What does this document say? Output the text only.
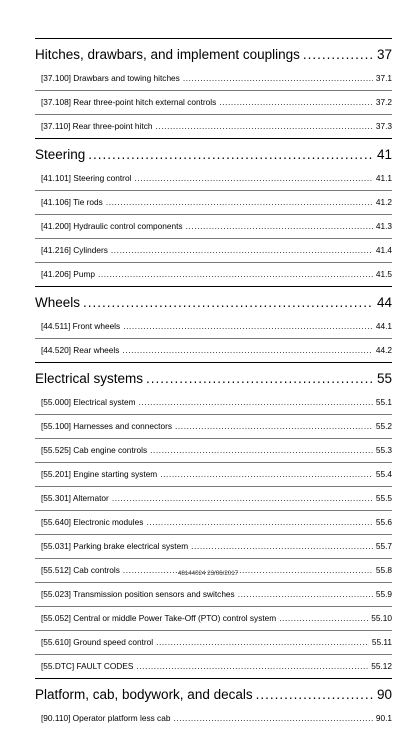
Hitches, drawbars, and implement couplings .....	37
[37.100] Drawbars and towing hitches .....	37.1
[37.108] Rear three-point hitch external controls .....	37.2
[37.110] Rear three-point hitch .....	37.3
Steering .....	41
[41.101] Steering control .....	41.1
[41.106] Tie rods .....	41.2
[41.200] Hydraulic control components .....	41.3
[41.216] Cylinders .....	41.4
[41.206] Pump .....	41.5
Wheels .....	44
[44.511] Front wheels .....	44.1
[44.520] Rear wheels .....	44.2
Electrical systems .....	55
[55.000] Electrical system .....	55.1
[55.100] Harnesses and connectors .....	55.2
[55.525] Cab engine controls .....	55.3
[55.201] Engine starting system .....	55.4
[55.301] Alternator .....	55.5
[55.640] Electronic modules .....	55.6
[55.031] Parking brake electrical system .....	55.7
[55.512] Cab controls .....	55.8
[55.023] Transmission position sensors and switches .....	55.9
[55.052] Central or middle Power Take-Off (PTO) control system .....	55.10
[55.610] Ground speed control .....	55.11
[55.DTC] FAULT CODES .....	55.12
Platform, cab, bodywork, and decals .....	90
[90.110] Operator platform less cab .....	90.1
48144024 23/06/2017
